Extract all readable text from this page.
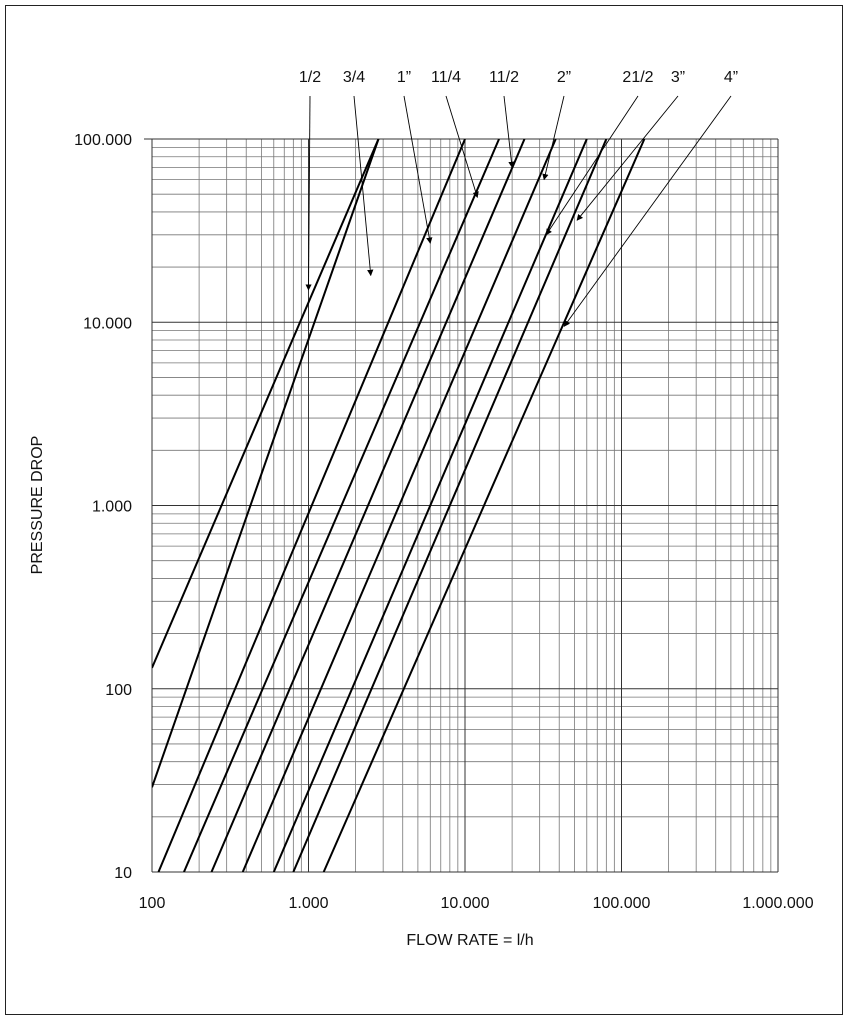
1/2 3/4 1” 11/4 11/2 2”	21/2 3” 4”
100	1.000	10.000	100.000	1.000.000
10
100
1.000
10.000
100.000
FLOW RATE = l/h
PRESSURE DROP
